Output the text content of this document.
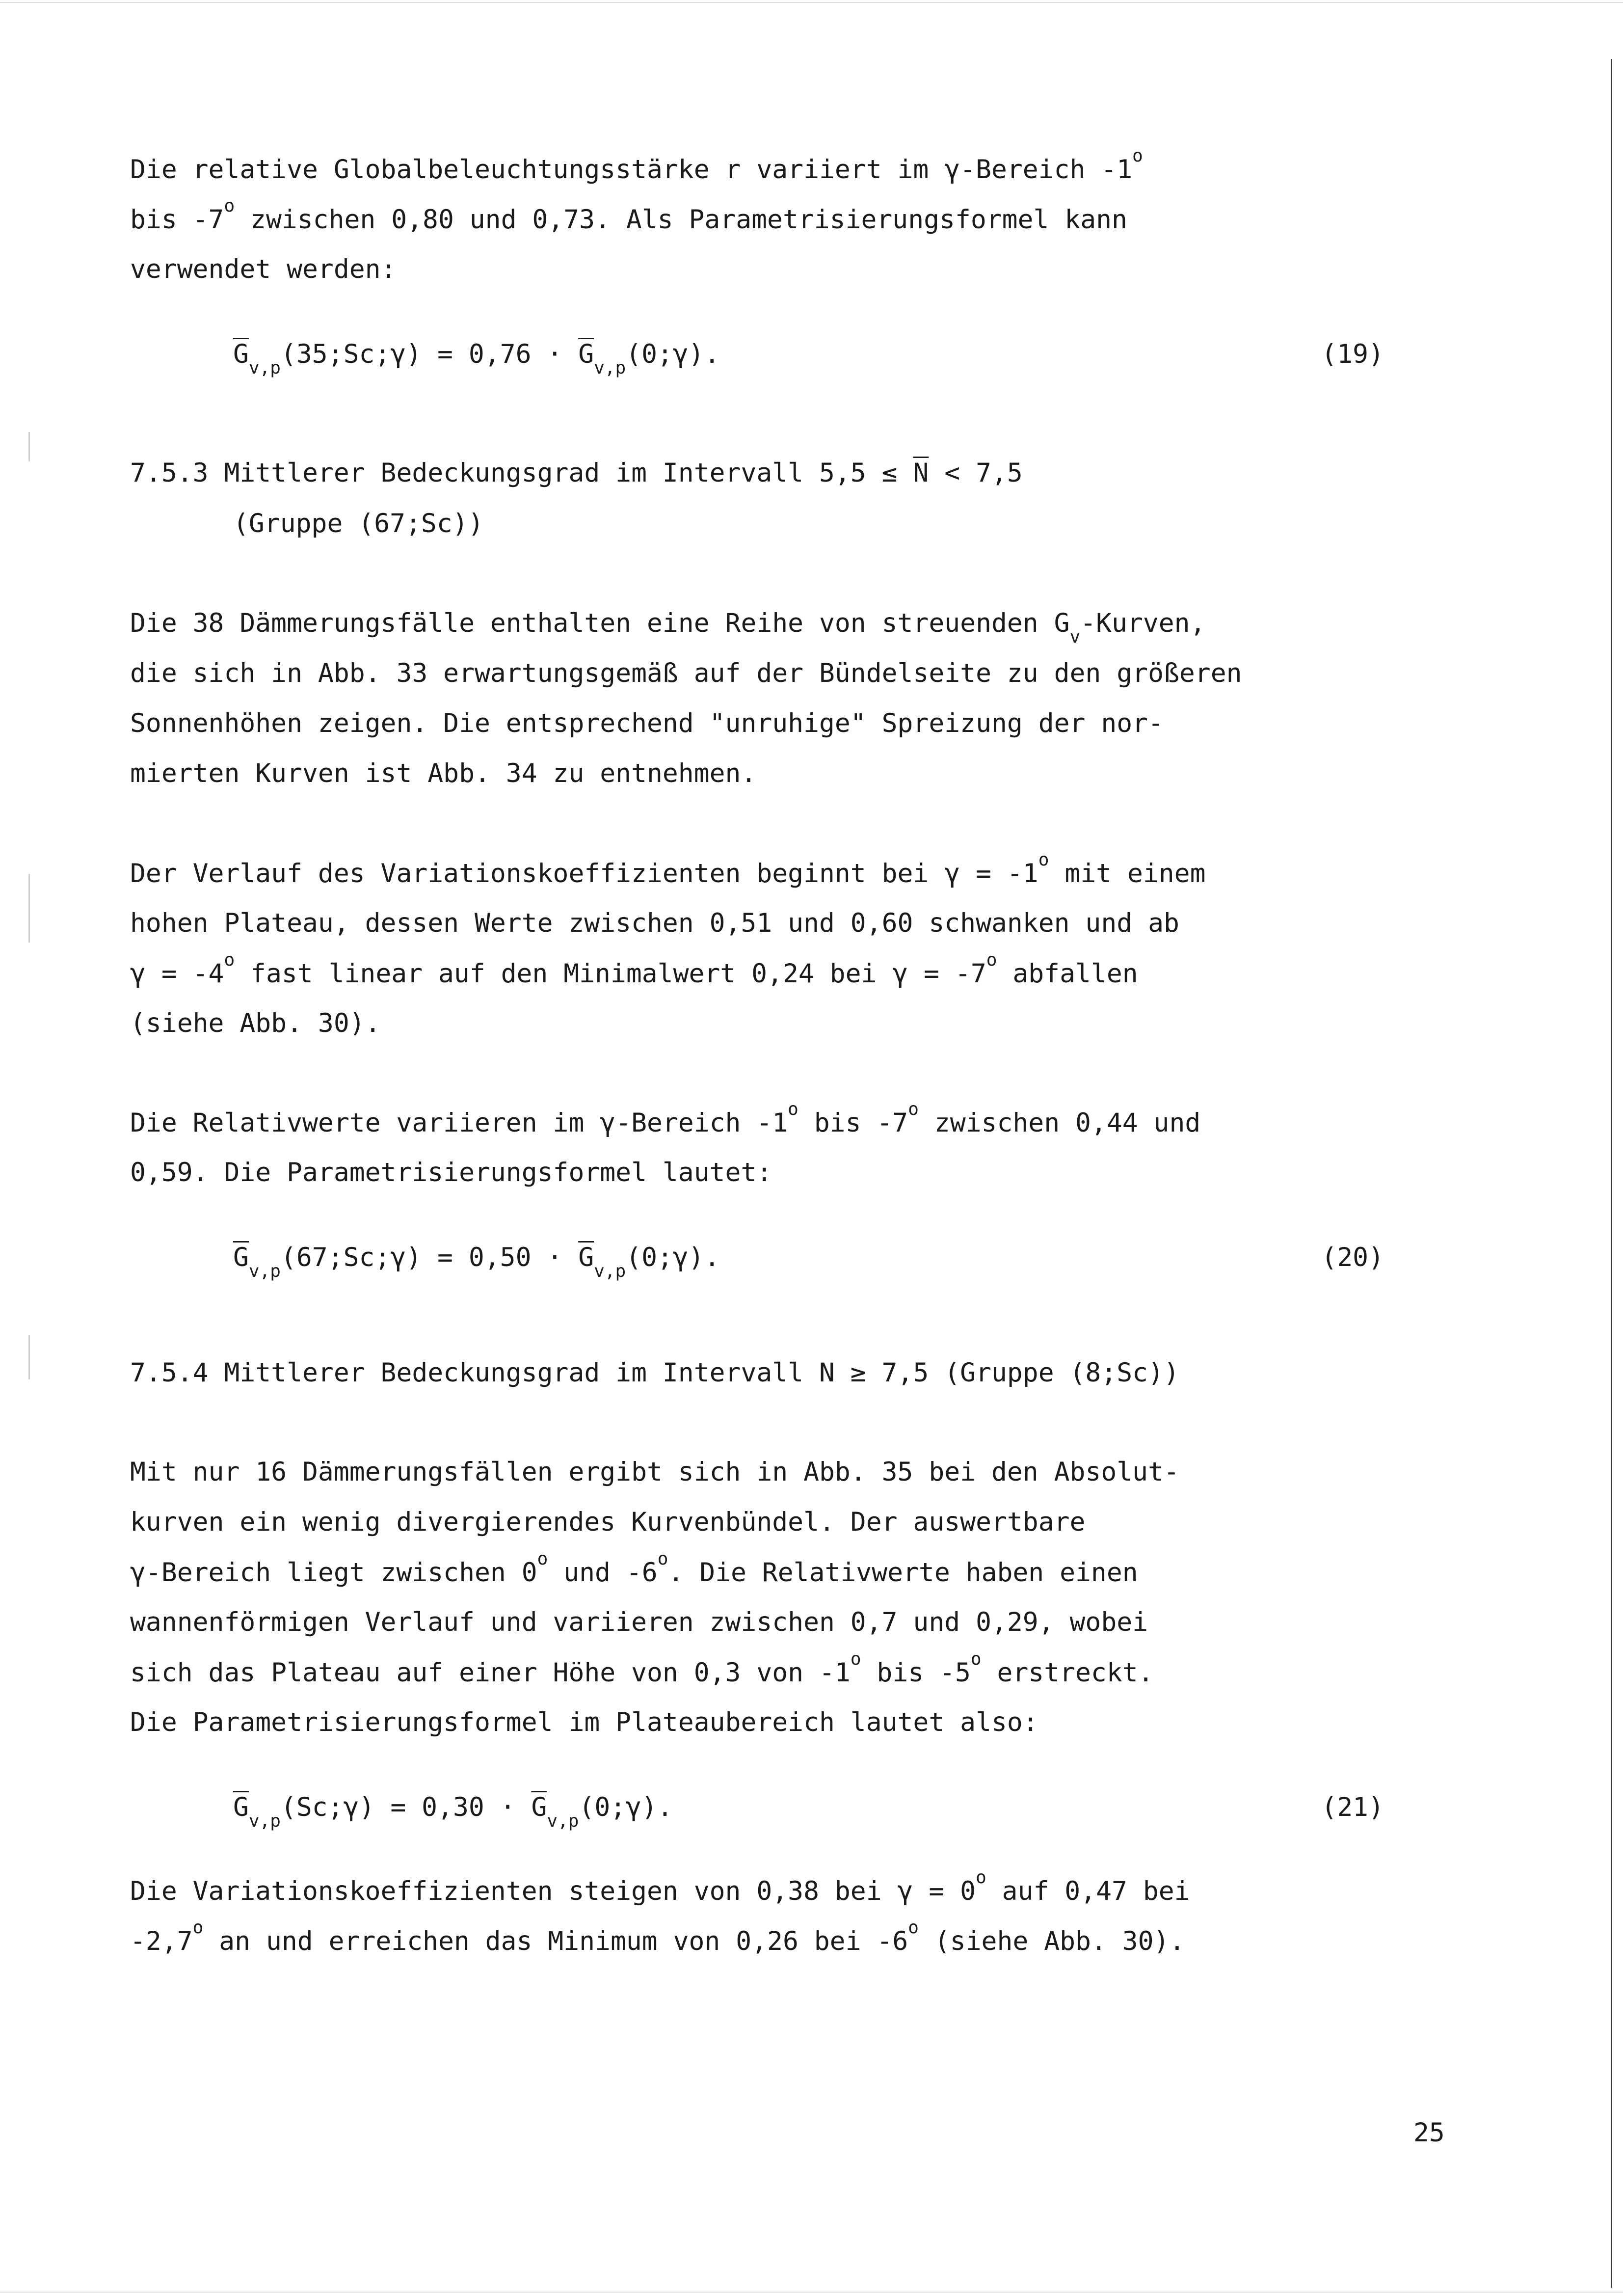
Die relative Globalbeleuchtungsstärke r variiert im γ-Bereich -1$^o$
bis -7$^o$ zwischen 0,80 und 0,73. Als Parametrisierungsformel kann
verwendet werden:
$\overline{G}_{v,p}(35;Sc;\gamma) = 0,76$ · $\overline{G}_{v,p}(0;\gamma)$.	(19)
7.5.3 Mittlerer Bedeckungsgrad im Intervall $5,5 \le \overline{N} < 7,5$
(Gruppe (67;Sc))
Die 38 Dämmerungsfälle enthalten eine Reihe von streuenden $G_v$-Kurven,
die sich in Abb. 33 erwartungsgemäß auf der Bündelseite zu den größeren
Sonnenhöhen zeigen. Die entsprechend "unruhige" Spreizung der nor-
mierten Kurven ist Abb. 34 zu entnehmen.
Der Verlauf des Variationskoeffizienten beginnt bei $\gamma = -1^o$ mit einem
hohen Plateau, dessen Werte zwischen 0,51 und 0,60 schwanken und ab
$\gamma = -4^o$ fast linear auf den Minimalwert 0,24 bei $\gamma = -7^o$ abfallen
(siehe Abb. 30).
Die Relativwerte variieren im γ-Bereich -1$^o$ bis -7$^o$ zwischen 0,44 und
0,59. Die Parametrisierungsformel lautet:
$\overline{G}_{v,p}(67;Sc;\gamma) = 0,50$ · $\overline{G}_{v,p}(0;\gamma)$.	(20)
7.5.4 Mittlerer Bedeckungsgrad im Intervall N ≥ 7,5 (Gruppe (8;Sc))
Mit nur 16 Dämmerungsfällen ergibt sich in Abb. 35 bei den Absolut-
kurven ein wenig divergierendes Kurvenbündel. Der auswertbare
γ-Bereich liegt zwischen 0$^o$ und -6$^o$. Die Relativwerte haben einen
wannenförmigen Verlauf und variieren zwischen 0,7 und 0,29, wobei
sich das Plateau auf einer Höhe von 0,3 von -1$^o$ bis -5$^o$ erstreckt.
Die Parametrisierungsformel im Plateaubereich lautet also:
$\overline{G}_{v,p}(Sc;\gamma) = 0,30$ · $\overline{G}_{v,p}(0;\gamma)$.	(21)
Die Variationskoeffizienten steigen von 0,38 bei $\gamma = 0^o$ auf 0,47 bei
-2,7$^o$ an und erreichen das Minimum von 0,26 bei -6$^o$ (siehe Abb. 30).
25
